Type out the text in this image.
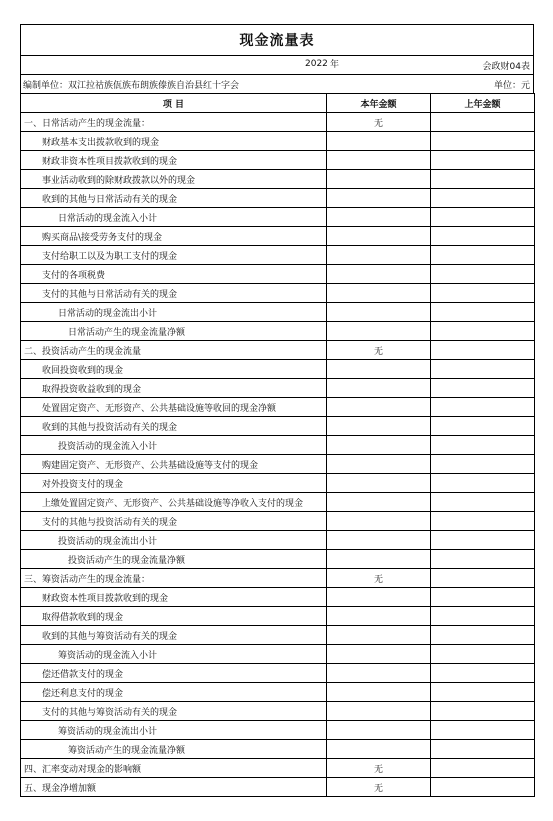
现金流量表
2022 年	会政财04表
编制单位：双江拉祜族佤族布朗族傣族自治县红十字会	单位：元
项 目	本年金额	上年金额
一、日常活动产生的现金流量：	无	
财政基本支出拨款收到的现金		
财政非资本性项目拨款收到的现金		
事业活动收到的除财政拨款以外的现金		
收到的其他与日常活动有关的现金		
日常活动的现金流入小计		
购买商品\接受劳务支付的现金		
支付给职工以及为职工支付的现金		
支付的各项税费		
支付的其他与日常活动有关的现金		
日常活动的现金流出小计		
日常活动产生的现金流量净额		
二、投资活动产生的现金流量	无	
收回投资收到的现金		
取得投资收益收到的现金		
处置固定资产、无形资产、公共基础设施等收回的现金净额		
收到的其他与投资活动有关的现金		
投资活动的现金流入小计		
购建固定资产、无形资产、公共基础设施等支付的现金		
对外投资支付的现金		
上缴处置固定资产、无形资产、公共基础设施等净收入支付的现金		
支付的其他与投资活动有关的现金		
投资活动的现金流出小计		
投资活动产生的现金流量净额		
三、筹资活动产生的现金流量：	无	
财政资本性项目拨款收到的现金		
取得借款收到的现金		
收到的其他与筹资活动有关的现金		
筹资活动的现金流入小计		
偿还借款支付的现金		
偿还利息支付的现金		
支付的其他与筹资活动有关的现金		
筹资活动的现金流出小计		
筹资活动产生的现金流量净额		
四、汇率变动对现金的影响额	无	
五、现金净增加额	无	
